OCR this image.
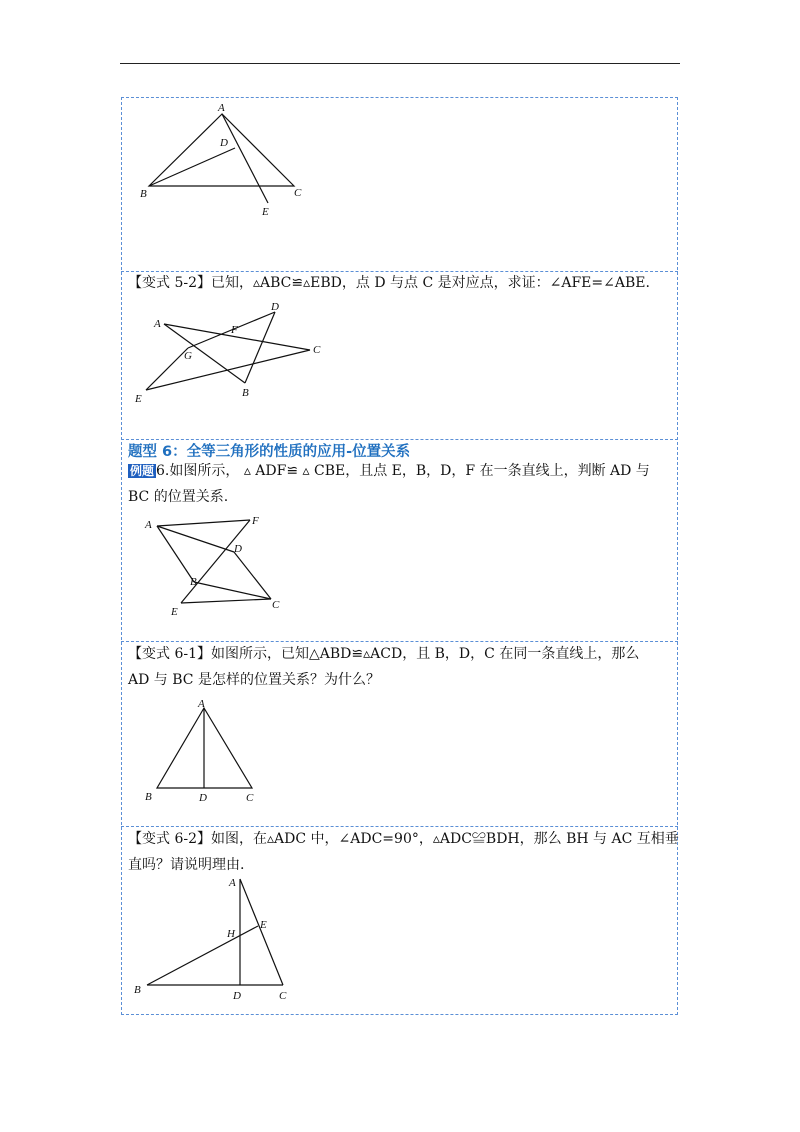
【变式 5-2】已知，▵ABC≌▵EBD，点 D 与点 C 是对应点，求证：∠AFE=∠ABE.
题型 6：全等三角形的性质的应用-位置关系
例题 6.如图所示， ▵ ADF≌ ▵ CBE，且点 E，B，D，F 在一条直线上，判断 AD 与
BC 的位置关系.
【变式 6-1】如图所示，已知△ABD≌▵ACD，且 B，D，C 在同一条直线上，那么
AD 与 BC 是怎样的位置关系？为什么？
【变式 6-2】如图，在▵ADC 中，∠ADC=90°，▵ADC≌BDH，那么 BH 与 AC 互相垂
直吗？请说明理由.
A
D
B	C
E
A
D
F
G	C
E	B
A	F
D
B
E
C
A
B	D	C
A
H
E
B	D	C
